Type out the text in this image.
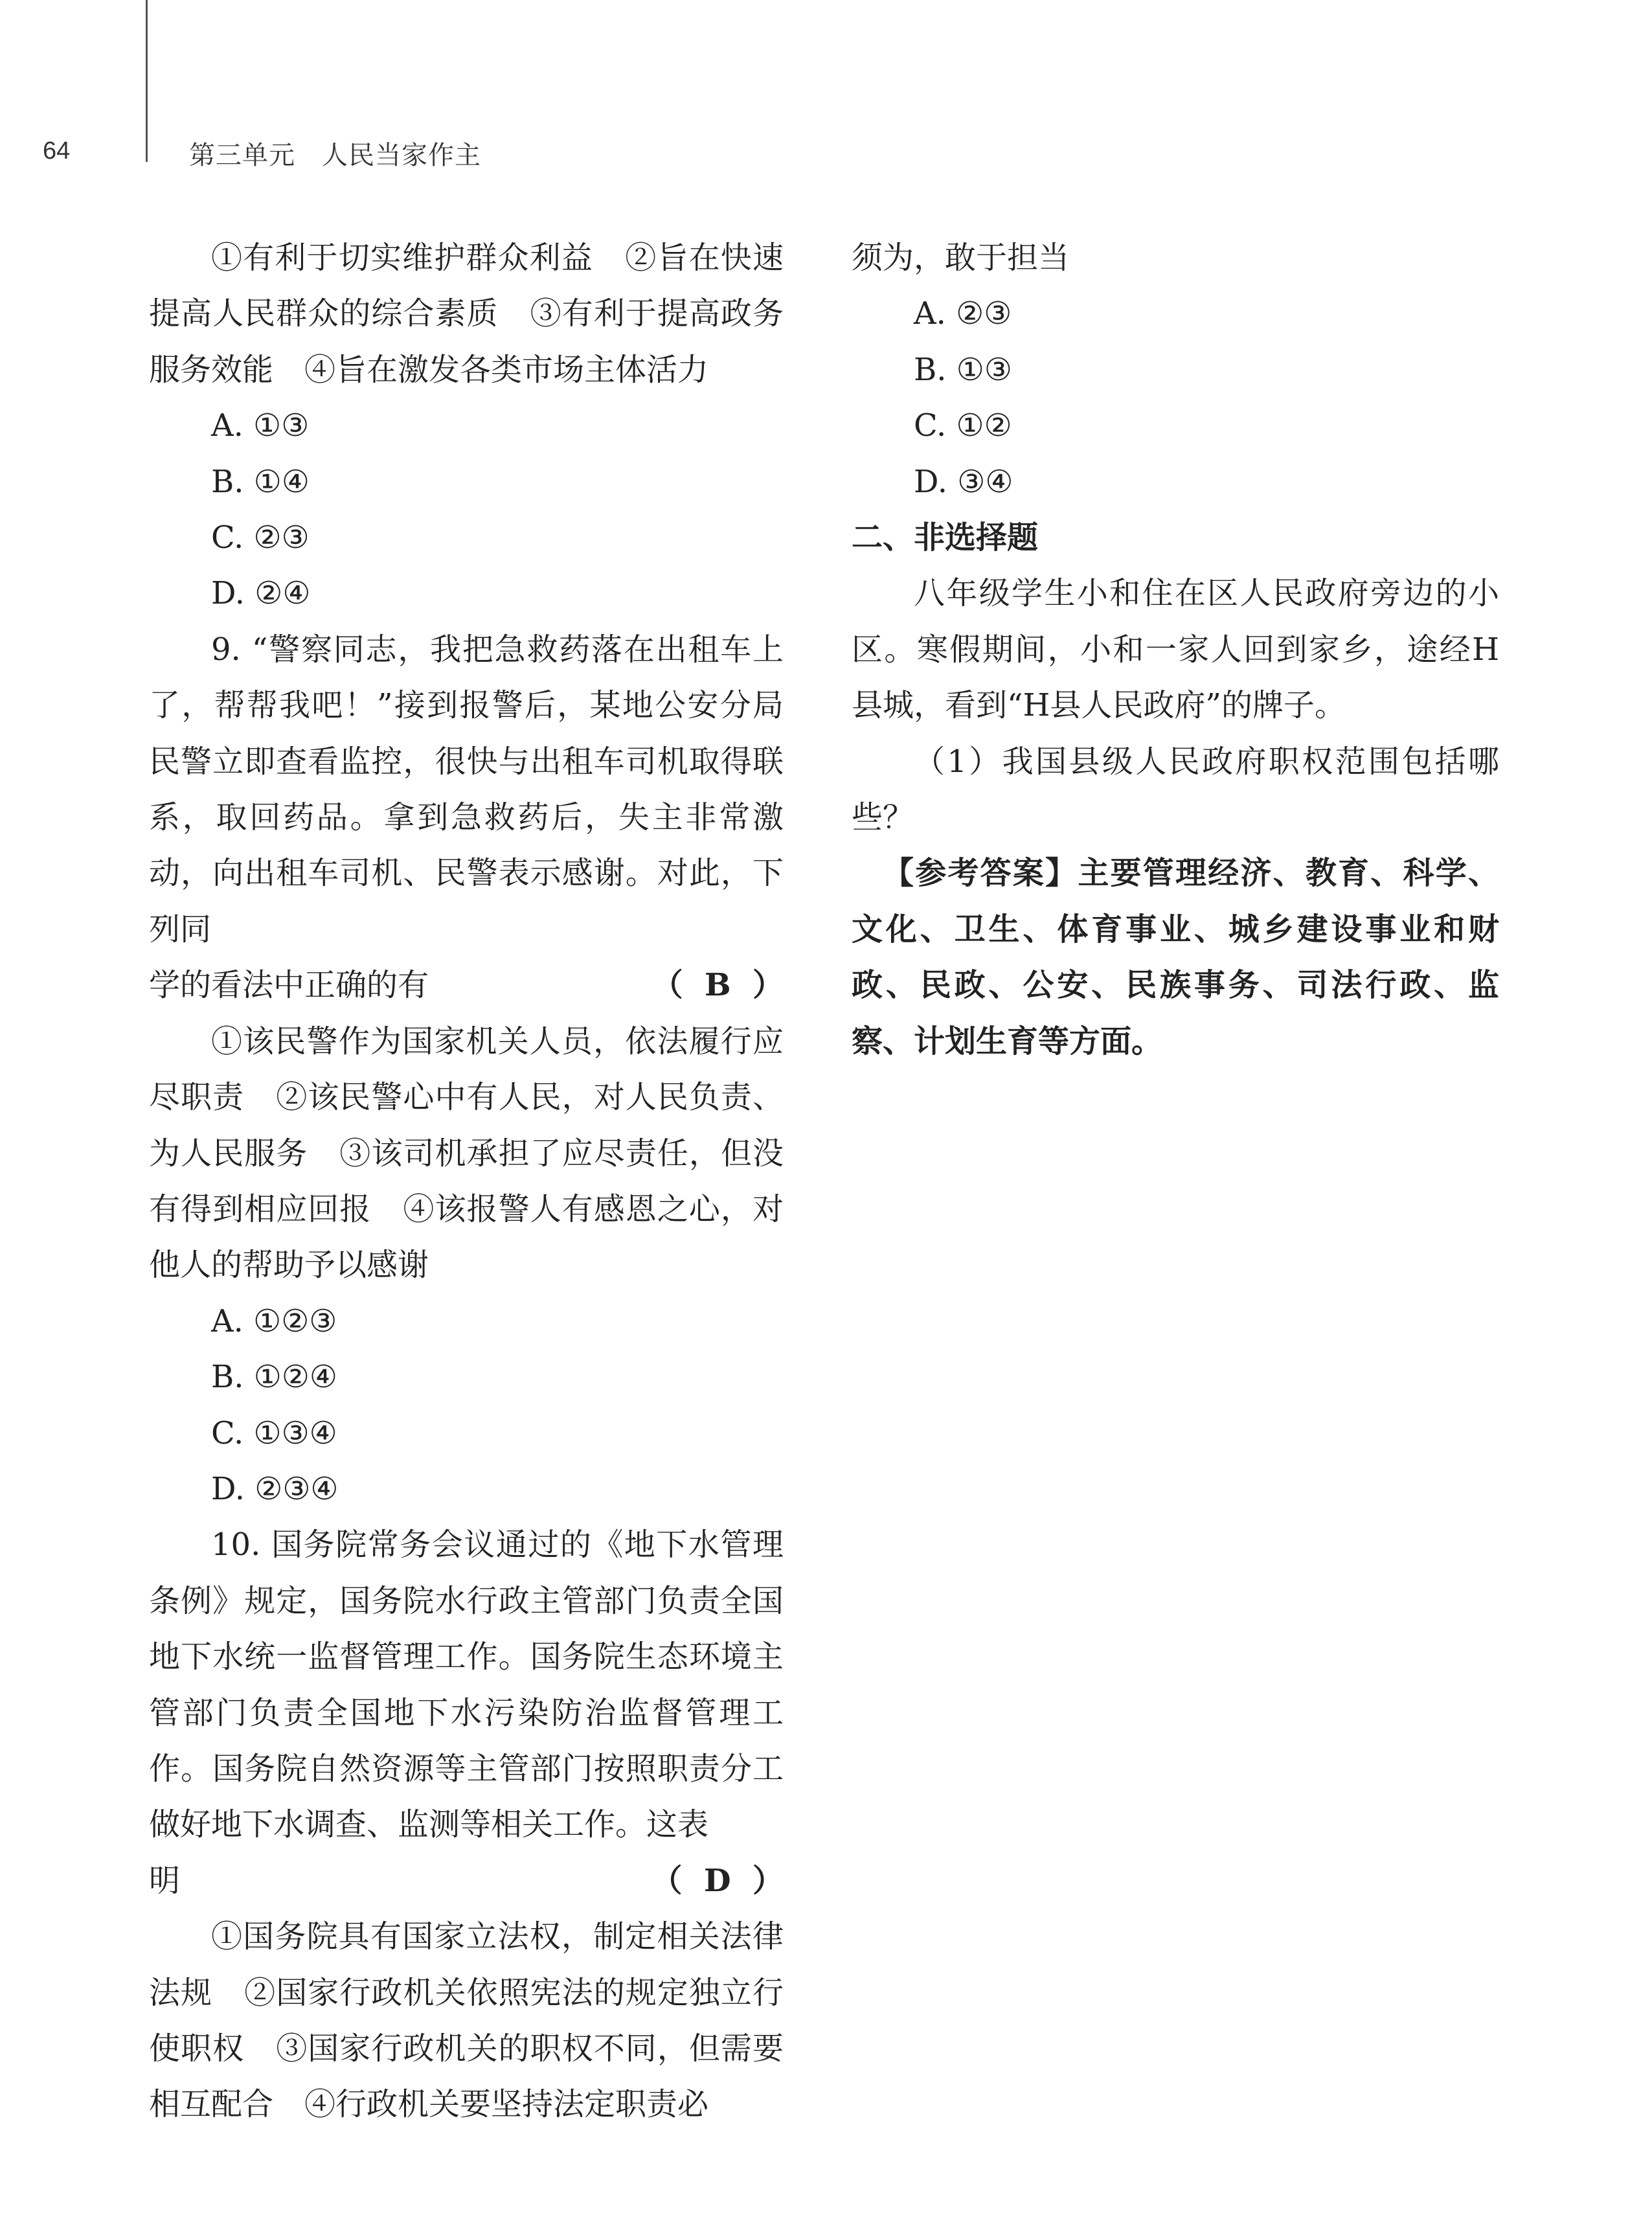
64	第三单元　人民当家作主

①有利于切实维护群众利益　②旨在快速提高人民群众的综合素质　③有利于提高政务服务效能　④旨在激发各类市场主体活力

A. ①③

B. ①④

C. ②③

D. ②④

9. “警察同志，我把急救药落在出租车上了，帮帮我吧！”接到报警后，某地公安分局民警立即查看监控，很快与出租车司机取得联系，取回药品。拿到急救药后，失主非常激动，向出租车司机、民警表示感谢。对此，下列同

学的看法中正确的有	（  B  ）

①该民警作为国家机关人员，依法履行应尽职责　②该民警心中有人民，对人民负责、为人民服务　③该司机承担了应尽责任，但没有得到相应回报　④该报警人有感恩之心，对他人的帮助予以感谢

A. ①②③

B. ①②④

C. ①③④

D. ②③④

10. 国务院常务会议通过的《地下水管理条例》规定，国务院水行政主管部门负责全国地下水统一监督管理工作。国务院生态环境主管部门负责全国地下水污染防治监督管理工作。国务院自然资源等主管部门按照职责分工做好地下水调查、监测等相关工作。这表

明	（  D  ）

①国务院具有国家立法权，制定相关法律法规　②国家行政机关依照宪法的规定独立行使职权　③国家行政机关的职权不同，但需要相互配合　④行政机关要坚持法定职责必

须为，敢于担当

A. ②③

B. ①③

C. ①②

D. ③④

二、非选择题

八年级学生小和住在区人民政府旁边的小区。寒假期间，小和一家人回到家乡，途经H县城，看到“H县人民政府”的牌子。

（1）我国县级人民政府职权范围包括哪些？

【参考答案】主要管理经济、教育、科学、文化、卫生、体育事业、城乡建设事业和财政、民政、公安、民族事务、司法行政、监察、计划生育等方面。
